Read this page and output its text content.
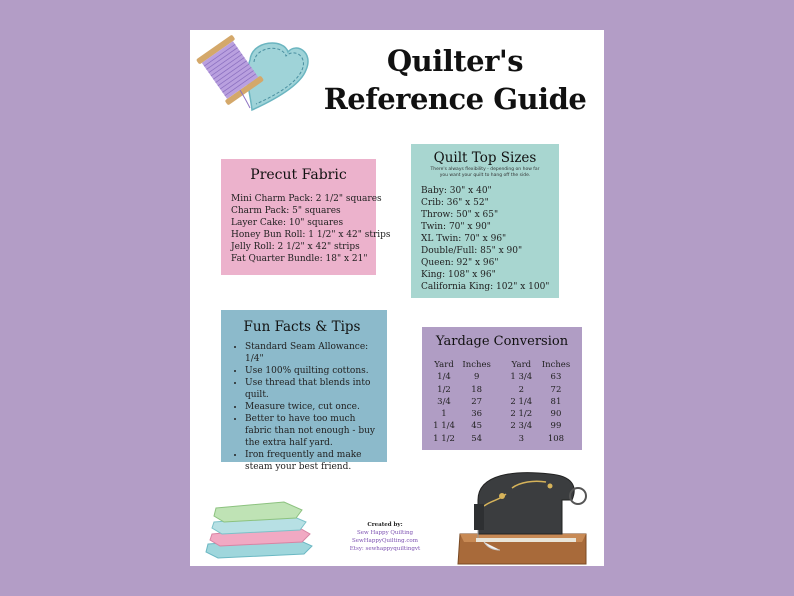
Quilter's
Reference Guide
Precut Fabric
Mini Charm Pack: 2 1/2" squares
Charm Pack: 5" squares
Layer Cake: 10" squares
Honey Bun Roll: 1 1/2" x 42" strips
Jelly Roll: 2 1/2" x 42" strips
Fat Quarter Bundle: 18" x 21"
Quilt Top Sizes
There's always flexibility - depending on how far
you want your quilt to hang off the side.
Baby: 30" x 40"
Crib: 36" x 52"
Throw: 50" x 65"
Twin: 70" x 90"
XL Twin: 70" x 96"
Double/Full: 85" x 90"
Queen: 92" x 96"
King: 108" x 96"
California King: 102" x 100"
Fun Facts & Tips
• Standard Seam Allowance: 1/4"
• Use 100% quilting cottons.
• Use thread that blends into quilt.
• Measure twice, cut once.
• Better to have too much fabric than not enough - buy the extra half yard.
• Iron frequently and make steam your best friend.
Yardage Conversion
Yard
1/4
1/2
3/4
1
1 1/4
1 1/2
Inches
9
18
27
36
45
54
Yard
1 3/4
2
2 1/4
2 1/2
2 3/4
3
Inches
63
72
81
90
99
108
Created by:
Sew Happy Quilting
SewHappyQuilting.com
Etsy: sewhappyquiltingvt
